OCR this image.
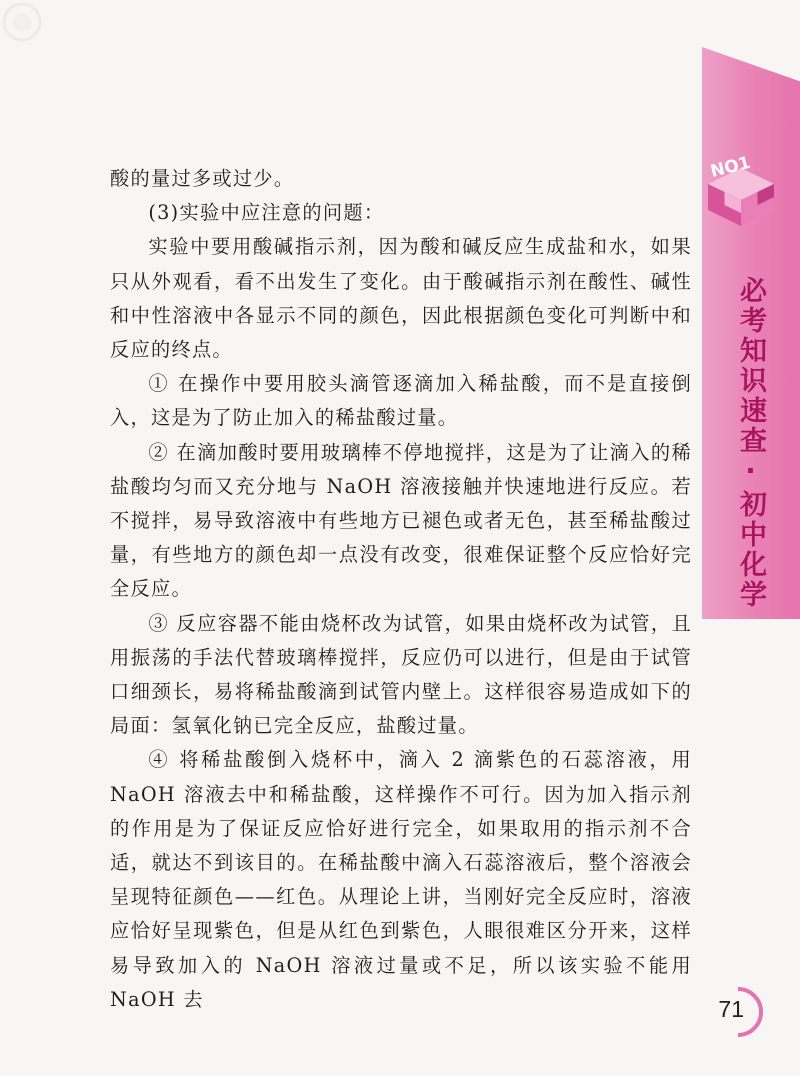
NO1
必考知识速查·初中化学

酸的量过多或过少。

(3)实验中应注意的问题：

实验中要用酸碱指示剂，因为酸和碱反应生成盐和水，如果只从外观看，看不出发生了变化。由于酸碱指示剂在酸性、碱性和中性溶液中各显示不同的颜色，因此根据颜色变化可判断中和反应的终点。

① 在操作中要用胶头滴管逐滴加入稀盐酸，而不是直接倒入，这是为了防止加入的稀盐酸过量。

② 在滴加酸时要用玻璃棒不停地搅拌，这是为了让滴入的稀盐酸均匀而又充分地与 NaOH 溶液接触并快速地进行反应。若不搅拌，易导致溶液中有些地方已褪色或者无色，甚至稀盐酸过量，有些地方的颜色却一点没有改变，很难保证整个反应恰好完全反应。

③ 反应容器不能由烧杯改为试管，如果由烧杯改为试管，且用振荡的手法代替玻璃棒搅拌，反应仍可以进行，但是由于试管口细颈长，易将稀盐酸滴到试管内壁上。这样很容易造成如下的局面：氢氧化钠已完全反应，盐酸过量。

④ 将稀盐酸倒入烧杯中，滴入 2 滴紫色的石蕊溶液，用 NaOH 溶液去中和稀盐酸，这样操作不可行。因为加入指示剂的作用是为了保证反应恰好进行完全，如果取用的指示剂不合适，就达不到该目的。在稀盐酸中滴入石蕊溶液后，整个溶液会呈现特征颜色——红色。从理论上讲，当刚好完全反应时，溶液应恰好呈现紫色，但是从红色到紫色，人眼很难区分开来，这样易导致加入的 NaOH 溶液过量或不足，所以该实验不能用 NaOH 去	71
